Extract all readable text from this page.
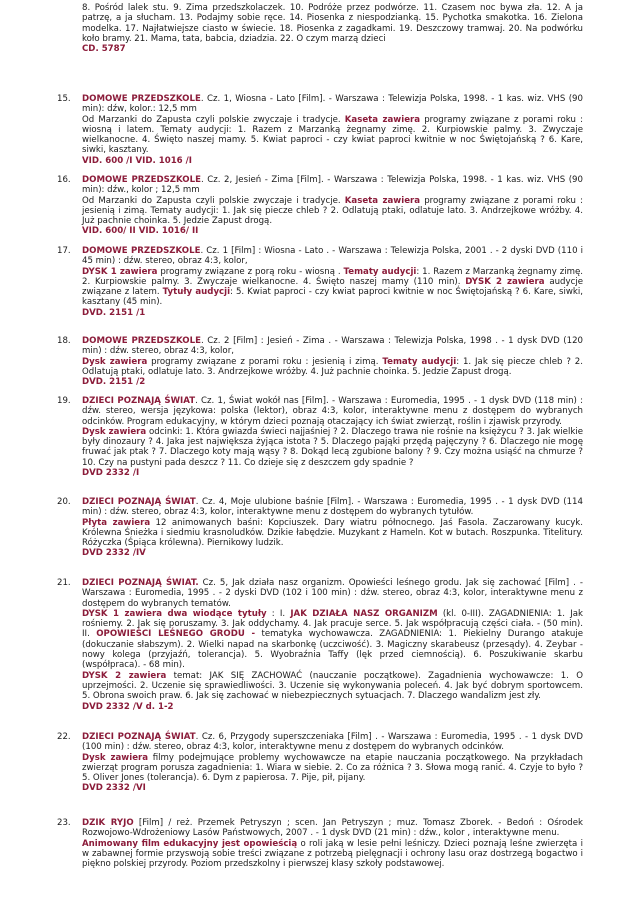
8. Pośród lalek stu. 9. Zima przedszkolaczek. 10. Podróże przez podwórze. 11. Czasem noc bywa zła. 12. A ja patrzę, a ja słucham. 13. Podajmy sobie ręce. 14. Piosenka z niespodzianką. 15. Pychotka smakotka. 16. Zielona modelka. 17. Najłatwiejsze ciasto w świecie. 18. Piosenka z zagadkami. 19. Deszczowy tramwaj. 20. Na podwórku koło bramy. 21. Mama, tata, babcia, dziadzia. 22. O czym marzą dzieci
CD. 5787
15.	DOMOWE PRZEDSZKOLE. Cz. 1, Wiosna - Lato [Film]. - Warszawa : Telewizja Polska, 1998. - 1 kas. wiz. VHS (90 min): dźw, kolor.: 12,5 mm
Od Marzanki do Zapusta czyli polskie zwyczaje i tradycje. Kaseta zawiera programy związane z porami roku : wiosną i latem. Tematy audycji: 1. Razem z Marzanką żegnamy zimę. 2. Kurpiowskie palmy. 3. Zwyczaje wielkanocne. 4. Święto naszej mamy. 5. Kwiat paproci - czy kwiat paproci kwitnie w noc Świętojańską ? 6. Kare, siwki, kasztany.
VID. 600 /I VID. 1016 /I

16.	DOMOWE PRZEDSZKOLE. Cz. 2, Jesień - Zima [Film]. - Warszawa : Telewizja Polska, 1998. - 1 kas. wiz. VHS (90 min): dźw., kolor ; 12,5 mm
Od Marzanki do Zapusta czyli polskie zwyczaje i tradycje. Kaseta zawiera programy związane z porami roku : jesienią i zimą. Tematy audycji: 1. Jak się piecze chleb ? 2. Odlatują ptaki, odlatuje lato. 3. Andrzejkowe wróżby. 4. Już pachnie choinka. 5. Jedzie Zapust drogą.
VID. 600/ II VID. 1016/ II

17.	DOMOWE PRZEDSZKOLE. Cz. 1 [Film] : Wiosna - Lato . - Warszawa : Telewizja Polska, 2001 . - 2 dyski DVD (110 i 45 min) : dźw. stereo, obraz 4:3, kolor,
DYSK 1 zawiera programy związane z porą roku - wiosną . Tematy audycji: 1. Razem z Marzanką żegnamy zimę. 2. Kurpiowskie palmy. 3. Zwyczaje wielkanocne. 4. Święto naszej mamy (110 min). DYSK 2 zawiera audycje związane z latem. Tytuły audycji: 5. Kwiat paproci - czy kwiat paproci kwitnie w noc Świętojańską ? 6. Kare, siwki, kasztany (45 min).
DVD. 2151 /1

18.	DOMOWE PRZEDSZKOLE. Cz. 2 [Film] : Jesień - Zima . - Warszawa : Telewizja Polska, 1998 . - 1 dysk DVD (120 min) : dźw. stereo, obraz 4:3, kolor,
Dysk zawiera programy związane z porami roku : jesienią i zimą. Tematy audycji: 1. Jak się piecze chleb ? 2. Odlatują ptaki, odlatuje lato. 3. Andrzejkowe wróżby. 4. Już pachnie choinka. 5. Jedzie Zapust drogą.
DVD. 2151 /2

19.	DZIECI POZNAJĄ ŚWIAT. Cz. 1, Świat wokół nas [Film]. - Warszawa : Euromedia, 1995 . - 1 dysk DVD (118 min) : dźw. stereo, wersja językowa: polska (lektor), obraz 4:3, kolor, interaktywne menu z dostępem do wybranych odcinków. Program edukacyjny, w którym dzieci poznają otaczający ich świat zwierząt, roślin i zjawisk przyrody.
Dysk zawiera odcinki: 1. Która gwiazda świeci najjaśniej ? 2. Dlaczego trawa nie rośnie na księżycu ? 3. Jak wielkie były dinozaury ? 4. Jaka jest największa żyjąca istota ? 5. Dlaczego pająki przędą pajęczyny ? 6. Dlaczego nie mogę fruwać jak ptak ? 7. Dlaczego koty mają wąsy ? 8. Dokąd lecą zgubione balony ? 9. Czy można usiąść na chmurze ? 10. Czy na pustyni pada deszcz ? 11. Co dzieje się z deszczem gdy spadnie ?
DVD 2332 /I

20.	DZIECI POZNAJĄ ŚWIAT. Cz. 4, Moje ulubione baśnie [Film]. - Warszawa : Euromedia, 1995 . - 1 dysk DVD (114 min) : dźw. stereo, obraz 4:3, kolor, interaktywne menu z dostępem do wybranych tytułów.
Płyta zawiera 12 animowanych baśni: Kopciuszek. Dary wiatru północnego. Jaś Fasola. Zaczarowany kucyk. Królewna Śnieżka i siedmiu krasnoludków. Dzikie łabędzie. Muzykant z Hameln. Kot w butach. Roszpunka. Titelitury. Różyczka (Śpiąca królewna). Piernikowy ludzik.
DVD 2332 /IV

21.	DZIECI POZNAJĄ ŚWIAT. Cz. 5, Jak działa nasz organizm. Opowieści leśnego grodu. Jak się zachować [Film] . - Warszawa : Euromedia, 1995 . - 2 dyski DVD (102 i 100 min) : dźw. stereo, obraz 4:3, kolor, interaktywne menu z dostępem do wybranych tematów.
DYSK 1 zawiera dwa wiodące tytuły : I. JAK DZIAŁA NASZ ORGANIZM (kl. 0-III). ZAGADNIENIA: 1. Jak rośniemy. 2. Jak się poruszamy. 3. Jak oddychamy. 4. Jak pracuje serce. 5. Jak współpracują części ciała. - (50 min). II. OPOWIEŚCI LEŚNEGO GRODU - tematyka wychowawcza. ZAGADNIENIA: 1. Piekielny Durango atakuje (dokuczanie słabszym). 2. Wielki napad na skarbonkę (uczciwość). 3. Magiczny skarabeusz (przesądy). 4. Zeybar - nowy kolega (przyjaźń, tolerancja). 5. Wyobraźnia Taffy (lęk przed ciemnością). 6. Poszukiwanie skarbu (współpraca). - 68 min).
DYSK 2 zawiera temat: JAK SIĘ ZACHOWAĆ (nauczanie początkowe). Zagadnienia wychowawcze: 1. O uprzejmości. 2. Uczenie się sprawiedliwości. 3. Uczenie się wykonywania poleceń. 4. Jak być dobrym sportowcem. 5. Obrona swoich praw. 6. Jak się zachować w niebezpiecznych sytuacjach. 7. Dlaczego wandalizm jest zły.
DVD 2332 /V d. 1-2

22.	DZIECI POZNAJĄ ŚWIAT. Cz. 6, Przygody superszczeniaka [Film] . - Warszawa : Euromedia, 1995 . - 1 dysk DVD (100 min) : dźw. stereo, obraz 4:3, kolor, interaktywne menu z dostępem do wybranych odcinków.
Dysk zawiera filmy podejmujące problemy wychowawcze na etapie nauczania początkowego. Na przykładach zwierząt program porusza zagadnienia: 1. Wiara w siebie. 2. Co za różnica ? 3. Słowa mogą ranić. 4. Czyje to było ? 5. Oliver Jones (tolerancja). 6. Dym z papierosa. 7. Pije, pił, pijany.
DVD 2332 /VI

23.	DZIK RYJO [Film] / reż. Przemek Petryszyn ; scen. Jan Petryszyn ; muz. Tomasz Zborek. - Bedoń : Ośrodek Rozwojowo-Wdrożeniowy Lasów Państwowych, 2007 . - 1 dysk DVD (21 min) : dźw., kolor , interaktywne menu.
Animowany film edukacyjny jest opowieścią o roli jaką w lesie pełni leśniczy. Dzieci poznają leśne zwierzęta i w zabawnej formie przyswoją sobie treści związane z potrzebą pielęgnacji i ochrony lasu oraz dostrzegą bogactwo i piękno polskiej przyrody. Poziom przedszkolny i pierwszej klasy szkoły podstawowej.
